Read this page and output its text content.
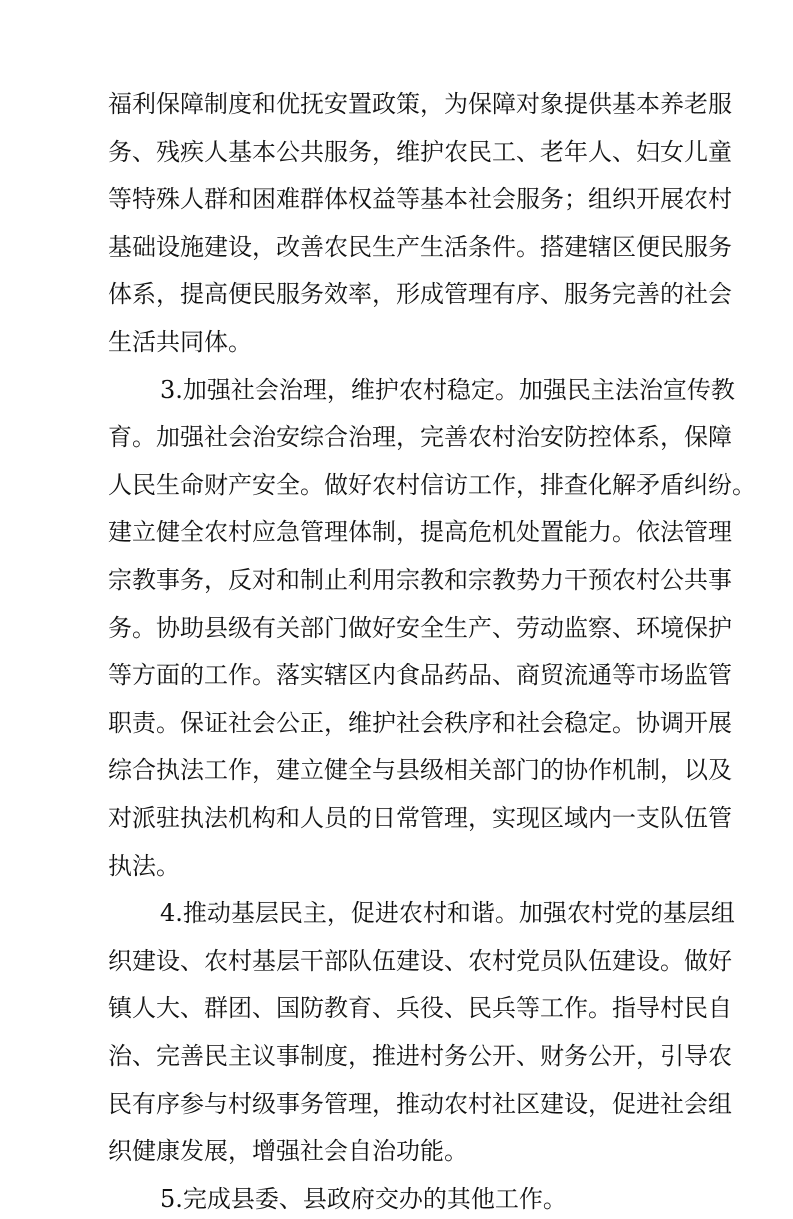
福利保障制度和优抚安置政策，为保障对象提供基本养老服
务、残疾人基本公共服务，维护农民工、老年人、妇女儿童
等特殊人群和困难群体权益等基本社会服务；组织开展农村
基础设施建设，改善农民生产生活条件。搭建辖区便民服务
体系，提高便民服务效率，形成管理有序、服务完善的社会
生活共同体。
3.加强社会治理，维护农村稳定。加强民主法治宣传教
育。加强社会治安综合治理，完善农村治安防控体系，保障
人民生命财产安全。做好农村信访工作，排查化解矛盾纠纷。
建立健全农村应急管理体制，提高危机处置能力。依法管理
宗教事务，反对和制止利用宗教和宗教势力干预农村公共事
务。协助县级有关部门做好安全生产、劳动监察、环境保护
等方面的工作。落实辖区内食品药品、商贸流通等市场监管
职责。保证社会公正，维护社会秩序和社会稳定。协调开展
综合执法工作，建立健全与县级相关部门的协作机制，以及
对派驻执法机构和人员的日常管理，实现区域内一支队伍管
执法。
4.推动基层民主，促进农村和谐。加强农村党的基层组
织建设、农村基层干部队伍建设、农村党员队伍建设。做好
镇人大、群团、国防教育、兵役、民兵等工作。指导村民自
治、完善民主议事制度，推进村务公开、财务公开，引导农
民有序参与村级事务管理，推动农村社区建设，促进社会组
织健康发展，增强社会自治功能。
5.完成县委、县政府交办的其他工作。
